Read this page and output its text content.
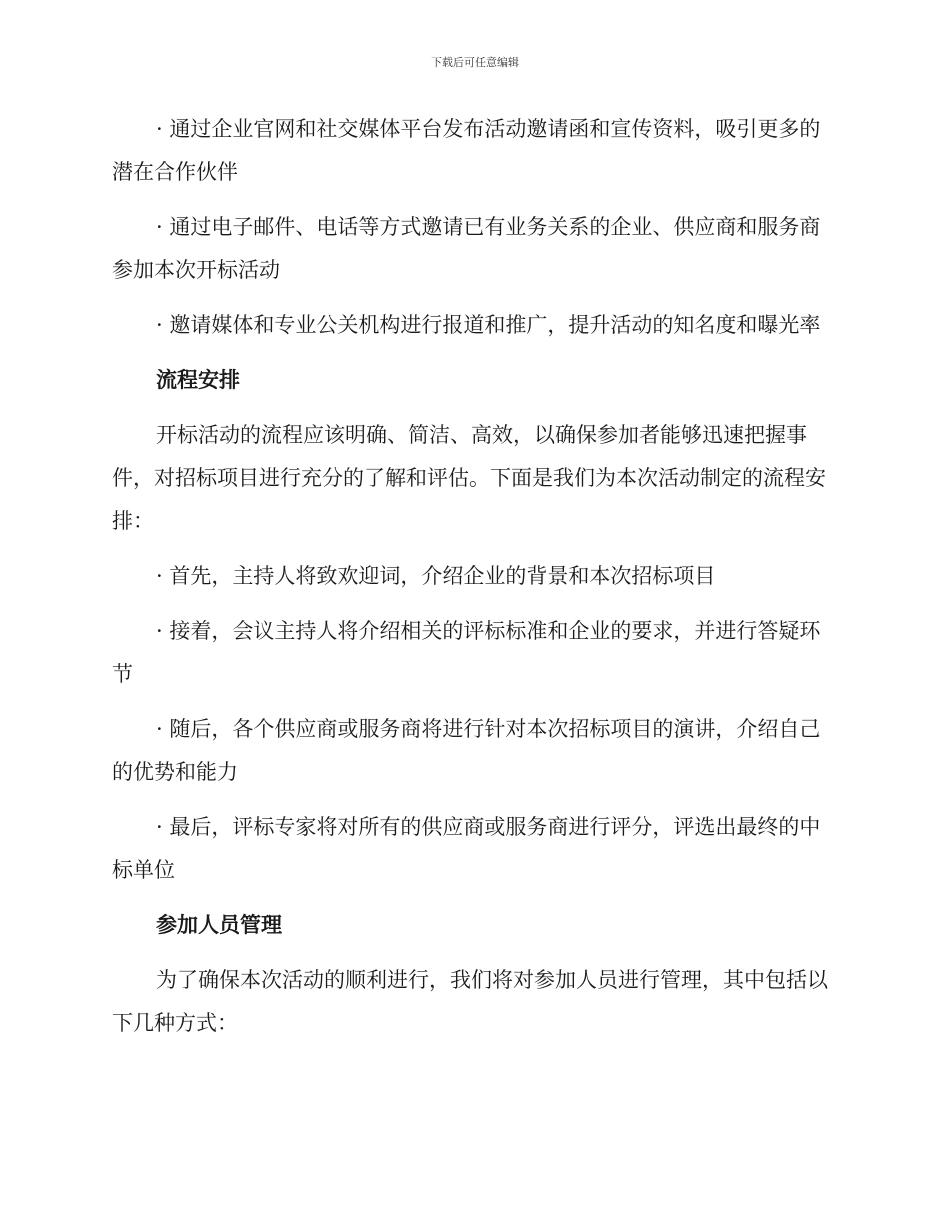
下载后可任意编辑

· 通过企业官网和社交媒体平台发布活动邀请函和宣传资料，吸引更多的潜在合作伙伴

· 通过电子邮件、电话等方式邀请已有业务关系的企业、供应商和服务商参加本次开标活动

· 邀请媒体和专业公关机构进行报道和推广，提升活动的知名度和曝光率

流程安排

开标活动的流程应该明确、简洁、高效，以确保参加者能够迅速把握事件，对招标项目进行充分的了解和评估。下面是我们为本次活动制定的流程安排：

· 首先，主持人将致欢迎词，介绍企业的背景和本次招标项目

· 接着，会议主持人将介绍相关的评标标准和企业的要求，并进行答疑环节

· 随后，各个供应商或服务商将进行针对本次招标项目的演讲，介绍自己的优势和能力

· 最后，评标专家将对所有的供应商或服务商进行评分，评选出最终的中标单位

参加人员管理

为了确保本次活动的顺利进行，我们将对参加人员进行管理，其中包括以下几种方式：
